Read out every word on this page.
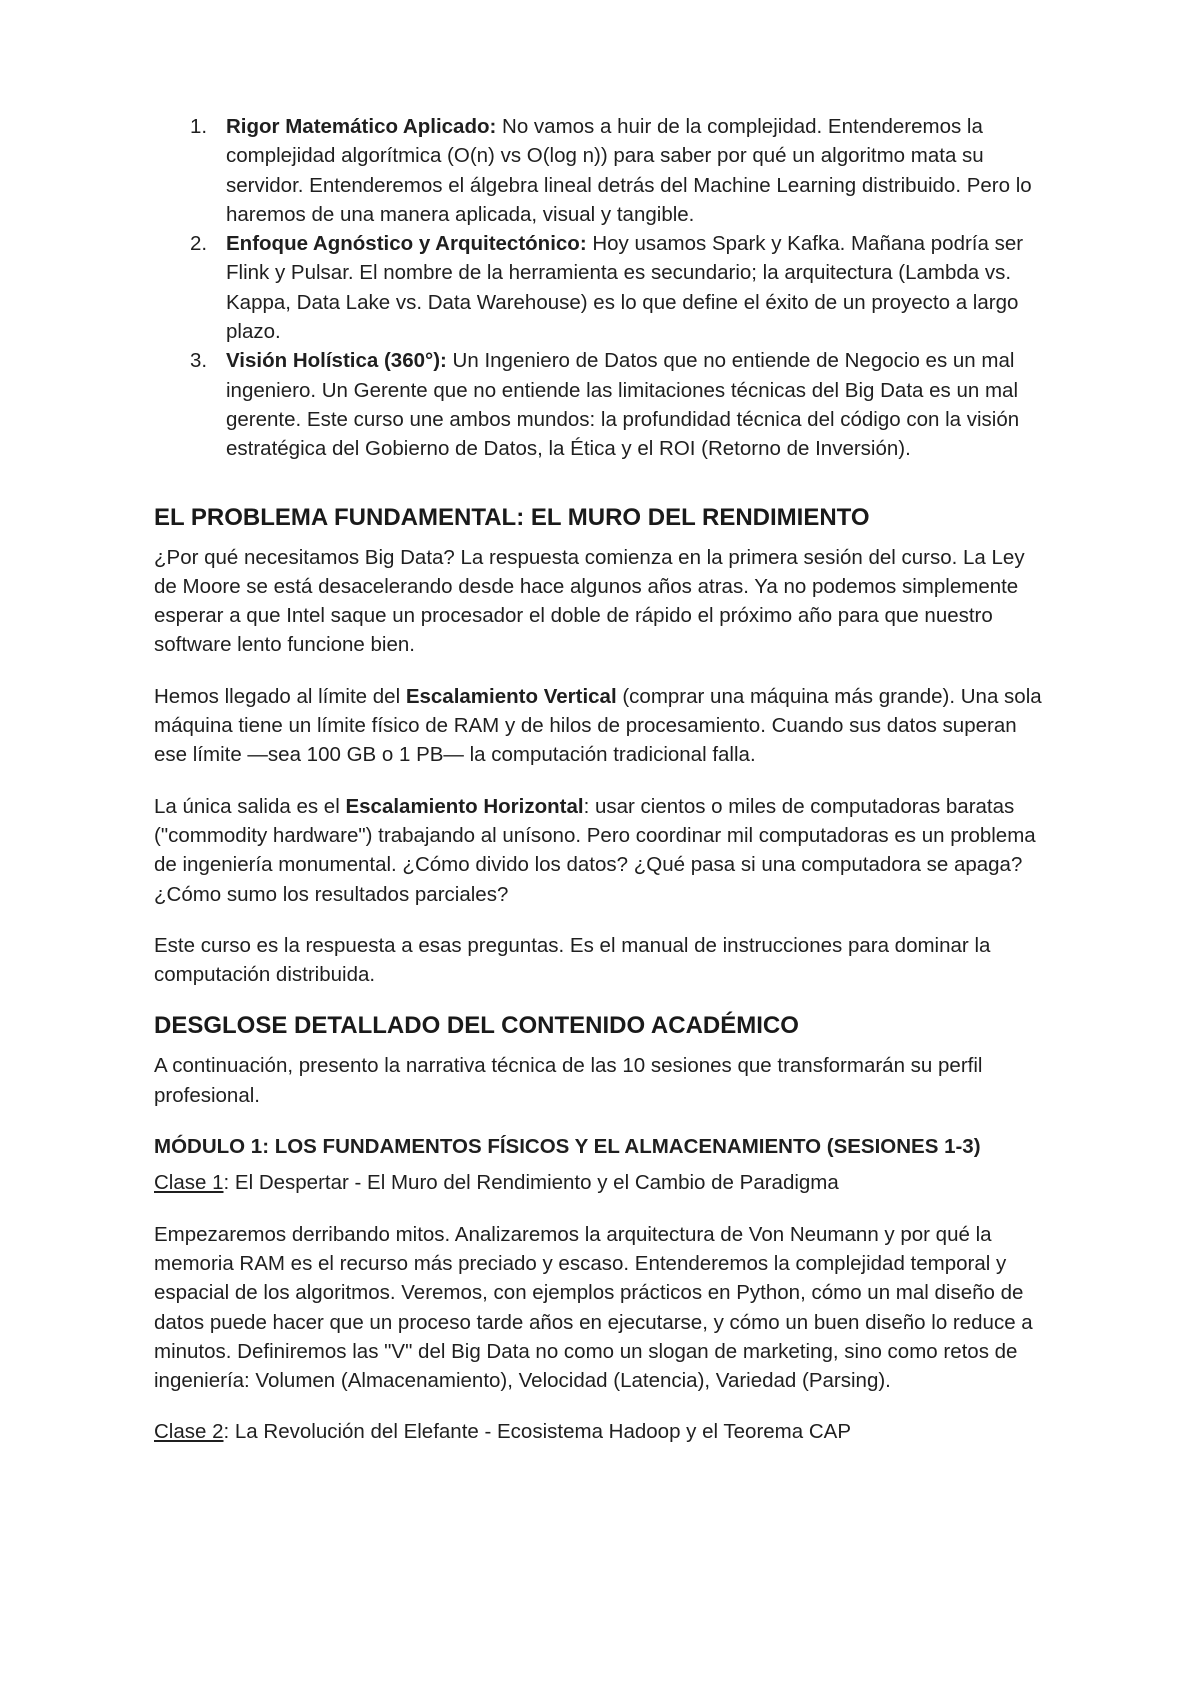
1. Rigor Matemático Aplicado: No vamos a huir de la complejidad. Entenderemos la complejidad algorítmica (O(n) vs O(log n)) para saber por qué un algoritmo mata su servidor. Entenderemos el álgebra lineal detrás del Machine Learning distribuido. Pero lo haremos de una manera aplicada, visual y tangible.
2. Enfoque Agnóstico y Arquitectónico: Hoy usamos Spark y Kafka. Mañana podría ser Flink y Pulsar. El nombre de la herramienta es secundario; la arquitectura (Lambda vs. Kappa, Data Lake vs. Data Warehouse) es lo que define el éxito de un proyecto a largo plazo.
3. Visión Holística (360°): Un Ingeniero de Datos que no entiende de Negocio es un mal ingeniero. Un Gerente que no entiende las limitaciones técnicas del Big Data es un mal gerente. Este curso une ambos mundos: la profundidad técnica del código con la visión estratégica del Gobierno de Datos, la Ética y el ROI (Retorno de Inversión).
EL PROBLEMA FUNDAMENTAL: EL MURO DEL RENDIMIENTO

¿Por qué necesitamos Big Data? La respuesta comienza en la primera sesión del curso. La Ley de Moore se está desacelerando desde hace algunos años atras. Ya no podemos simplemente esperar a que Intel saque un procesador el doble de rápido el próximo año para que nuestro software lento funcione bien.

Hemos llegado al límite del Escalamiento Vertical (comprar una máquina más grande). Una sola máquina tiene un límite físico de RAM y de hilos de procesamiento. Cuando sus datos superan ese límite —sea 100 GB o 1 PB— la computación tradicional falla.

La única salida es el Escalamiento Horizontal: usar cientos o miles de computadoras baratas ("commodity hardware") trabajando al unísono. Pero coordinar mil computadoras es un problema de ingeniería monumental. ¿Cómo divido los datos? ¿Qué pasa si una computadora se apaga? ¿Cómo sumo los resultados parciales?

Este curso es la respuesta a esas preguntas. Es el manual de instrucciones para dominar la computación distribuida.

DESGLOSE DETALLADO DEL CONTENIDO ACADÉMICO

A continuación, presento la narrativa técnica de las 10 sesiones que transformarán su perfil profesional.

MÓDULO 1: LOS FUNDAMENTOS FÍSICOS Y EL ALMACENAMIENTO (SESIONES 1-3)

Clase 1: El Despertar - El Muro del Rendimiento y el Cambio de Paradigma

Empezaremos derribando mitos. Analizaremos la arquitectura de Von Neumann y por qué la memoria RAM es el recurso más preciado y escaso. Entenderemos la complejidad temporal y espacial de los algoritmos. Veremos, con ejemplos prácticos en Python, cómo un mal diseño de datos puede hacer que un proceso tarde años en ejecutarse, y cómo un buen diseño lo reduce a minutos. Definiremos las "V" del Big Data no como un slogan de marketing, sino como retos de ingeniería: Volumen (Almacenamiento), Velocidad (Latencia), Variedad (Parsing).

Clase 2: La Revolución del Elefante - Ecosistema Hadoop y el Teorema CAP
